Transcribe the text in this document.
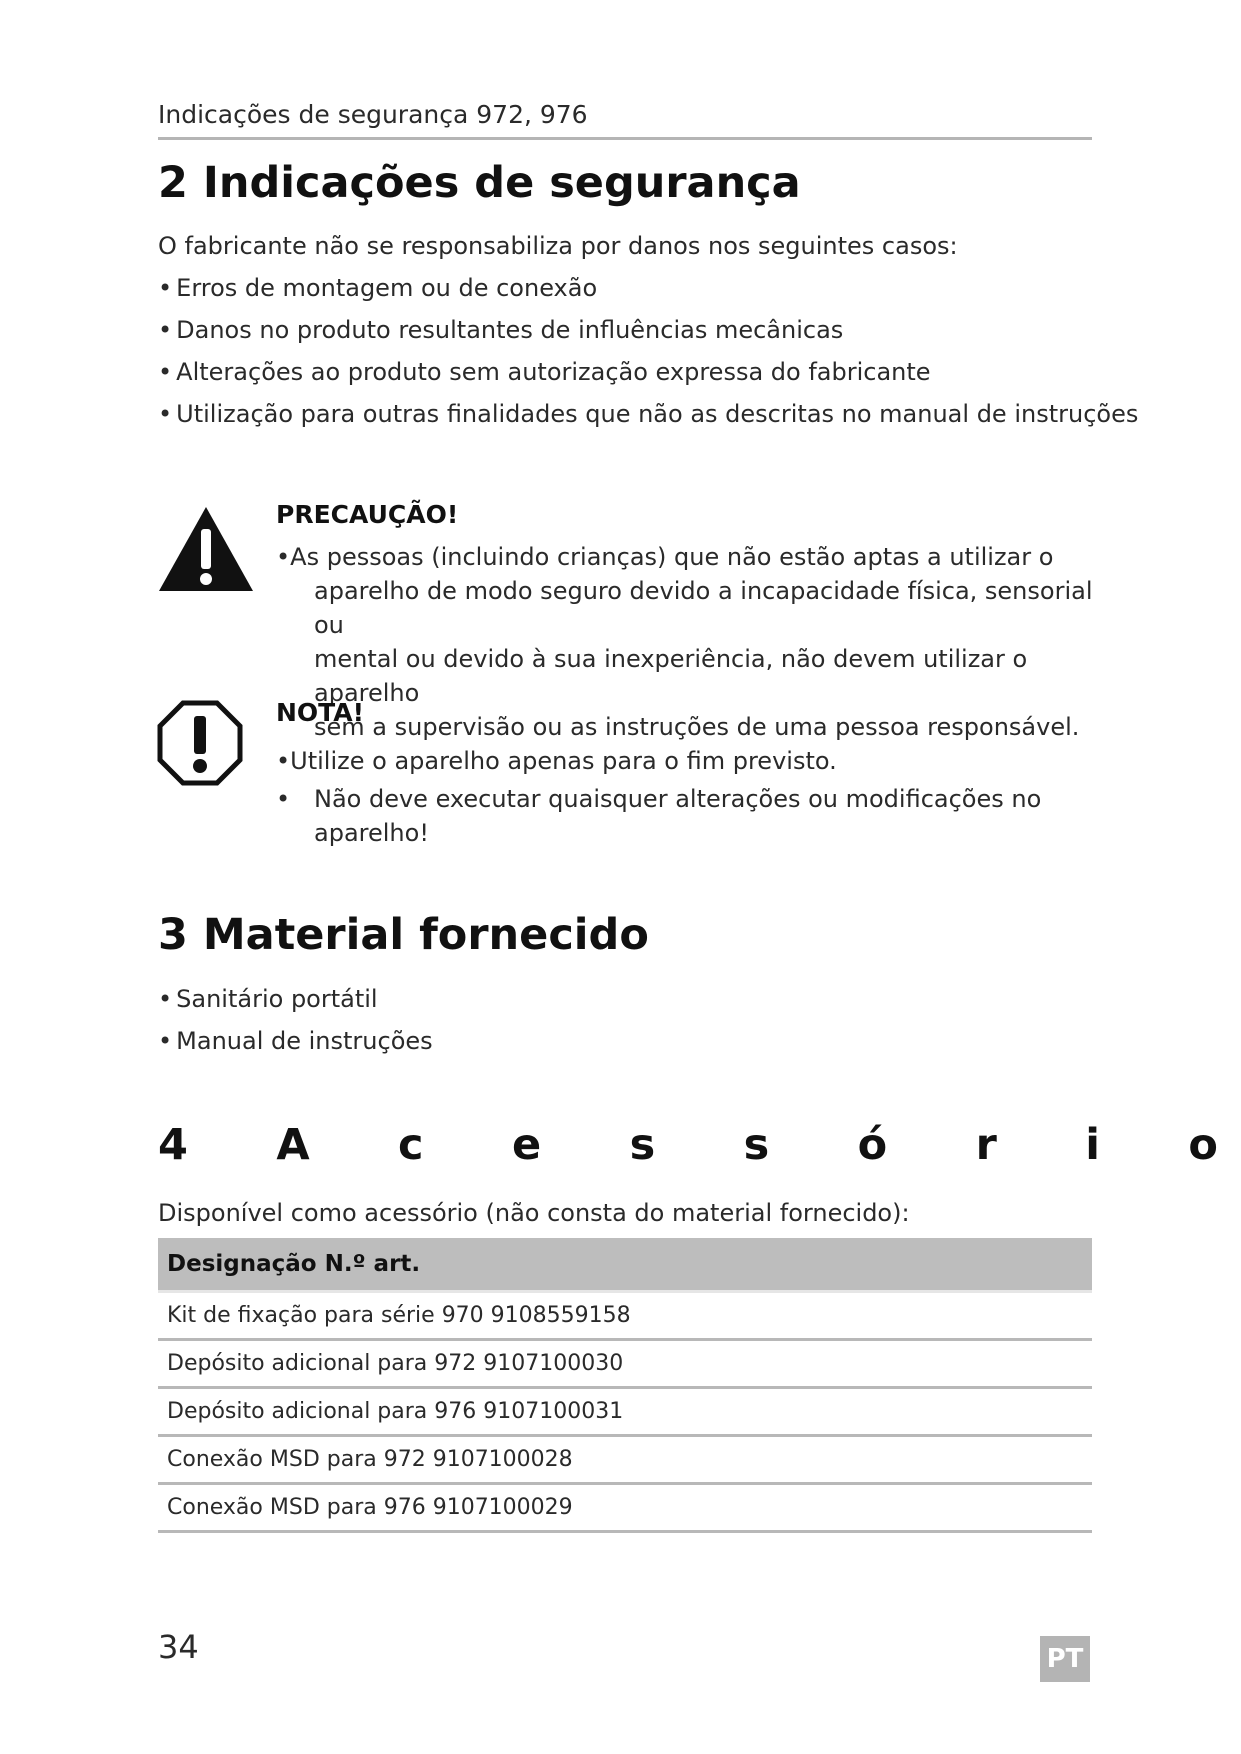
Indicações de segurança 972, 976
2 Indicações de segurança
O fabricante não se responsabiliza por danos nos seguintes casos:
• Erros de montagem ou de conexão
• Danos no produto resultantes de influências mecânicas
• Alterações ao produto sem autorização expressa do fabricante
• Utilização para outras finalidades que não as descritas no manual de instruções
PRECAUÇÃO!
•As pessoas (incluindo crianças) que não estão aptas a utilizar o
aparelho de modo seguro devido a incapacidade física, sensorial ou
mental ou devido à sua inexperiência, não devem utilizar o aparelho
sem a supervisão ou as instruções de uma pessoa responsável.
NOTA!
•Utilize o aparelho apenas para o fim previsto.
• Não deve executar quaisquer alterações ou modificações no aparelho!
3 Material fornecido
• Sanitário portátil
• Manual de instruções
4 A c e s s ó r i o
Disponível como acessório (não consta do material fornecido):
Designação N.º art.
Kit de fixação para série 970 9108559158
Depósito adicional para 972 9107100030
Depósito adicional para 976 9107100031
Conexão MSD para 972 9107100028
Conexão MSD para 976 9107100029
34	PT
